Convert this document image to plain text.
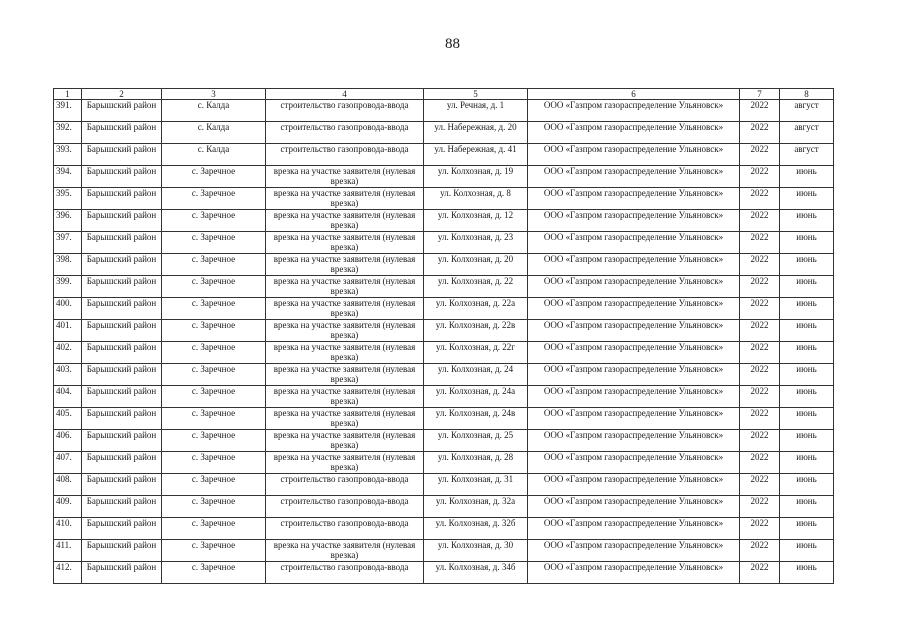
88
1	2	3	4	5	6	7	8
391.	Барышский район	с. Калда	строительство газопровода-ввода	ул. Речная, д. 1	ООО «Газпром газораспределение Ульяновск»	2022	август
392.	Барышский район	с. Калда	строительство газопровода-ввода	ул. Набережная, д. 20	ООО «Газпром газораспределение Ульяновск»	2022	август
393.	Барышский район	с. Калда	строительство газопровода-ввода	ул. Набережная, д. 41	ООО «Газпром газораспределение Ульяновск»	2022	август
394.	Барышский район	с. Заречное	врезка на участке заявителя (нулевая врезка)	ул. Колхозная, д. 19	ООО «Газпром газораспределение Ульяновск»	2022	июнь
395.	Барышский район	с. Заречное	врезка на участке заявителя (нулевая врезка)	ул. Колхозная, д. 8	ООО «Газпром газораспределение Ульяновск»	2022	июнь
396.	Барышский район	с. Заречное	врезка на участке заявителя (нулевая врезка)	ул. Колхозная, д. 12	ООО «Газпром газораспределение Ульяновск»	2022	июнь
397.	Барышский район	с. Заречное	врезка на участке заявителя (нулевая врезка)	ул. Колхозная, д. 23	ООО «Газпром газораспределение Ульяновск»	2022	июнь
398.	Барышский район	с. Заречное	врезка на участке заявителя (нулевая врезка)	ул. Колхозная, д. 20	ООО «Газпром газораспределение Ульяновск»	2022	июнь
399.	Барышский район	с. Заречное	врезка на участке заявителя (нулевая врезка)	ул. Колхозная, д. 22	ООО «Газпром газораспределение Ульяновск»	2022	июнь
400.	Барышский район	с. Заречное	врезка на участке заявителя (нулевая врезка)	ул. Колхозная, д. 22а	ООО «Газпром газораспределение Ульяновск»	2022	июнь
401.	Барышский район	с. Заречное	врезка на участке заявителя (нулевая врезка)	ул. Колхозная, д. 22в	ООО «Газпром газораспределение Ульяновск»	2022	июнь
402.	Барышский район	с. Заречное	врезка на участке заявителя (нулевая врезка)	ул. Колхозная, д. 22г	ООО «Газпром газораспределение Ульяновск»	2022	июнь
403.	Барышский район	с. Заречное	врезка на участке заявителя (нулевая врезка)	ул. Колхозная, д. 24	ООО «Газпром газораспределение Ульяновск»	2022	июнь
404.	Барышский район	с. Заречное	врезка на участке заявителя (нулевая врезка)	ул. Колхозная, д. 24а	ООО «Газпром газораспределение Ульяновск»	2022	июнь
405.	Барышский район	с. Заречное	врезка на участке заявителя (нулевая врезка)	ул. Колхозная, д. 24в	ООО «Газпром газораспределение Ульяновск»	2022	июнь
406.	Барышский район	с. Заречное	врезка на участке заявителя (нулевая врезка)	ул. Колхозная, д. 25	ООО «Газпром газораспределение Ульяновск»	2022	июнь
407.	Барышский район	с. Заречное	врезка на участке заявителя (нулевая врезка)	ул. Колхозная, д. 28	ООО «Газпром газораспределение Ульяновск»	2022	июнь
408.	Барышский район	с. Заречное	строительство газопровода-ввода	ул. Колхозная, д. 31	ООО «Газпром газораспределение Ульяновск»	2022	июнь
409.	Барышский район	с. Заречное	строительство газопровода-ввода	ул. Колхозная, д. 32а	ООО «Газпром газораспределение Ульяновск»	2022	июнь
410.	Барышский район	с. Заречное	строительство газопровода-ввода	ул. Колхозная, д. 32б	ООО «Газпром газораспределение Ульяновск»	2022	июнь
411.	Барышский район	с. Заречное	врезка на участке заявителя (нулевая врезка)	ул. Колхозная, д. 30	ООО «Газпром газораспределение Ульяновск»	2022	июнь
412.	Барышский район	с. Заречное	строительство газопровода-ввода	ул. Колхозная, д. 34б	ООО «Газпром газораспределение Ульяновск»	2022	июнь
